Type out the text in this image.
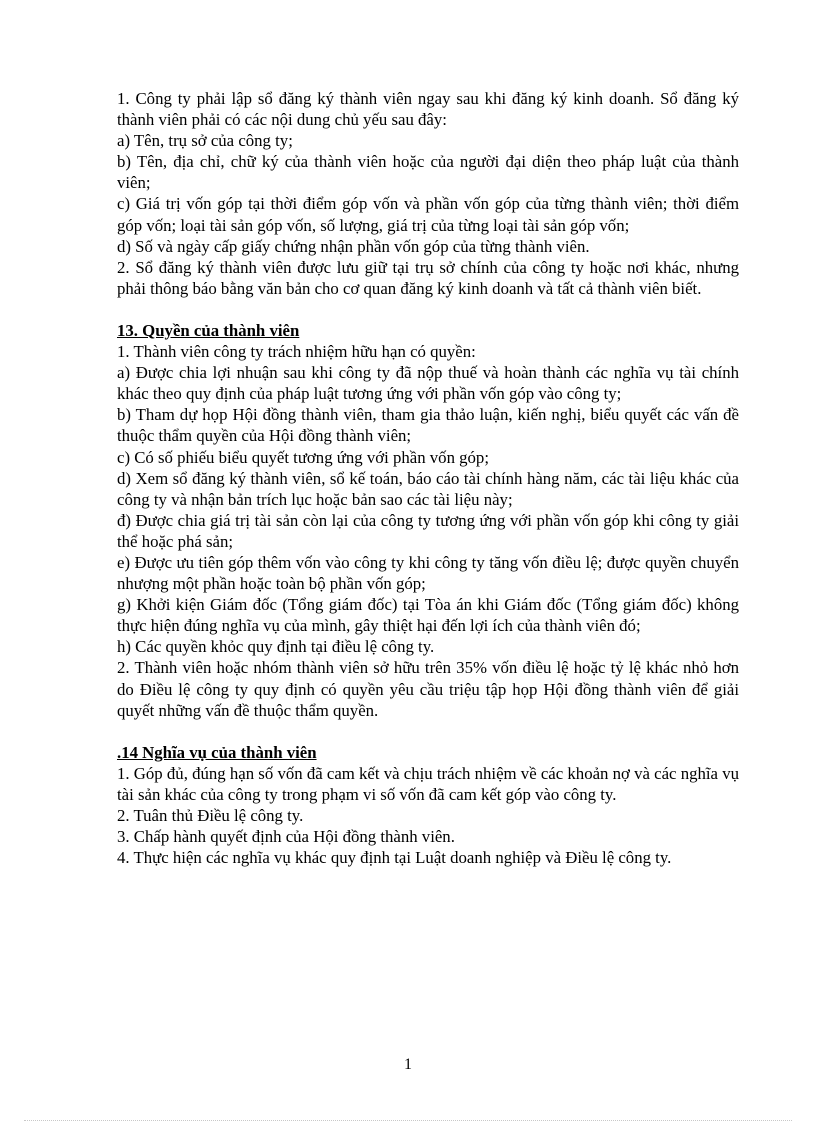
1. Công ty phải lập sổ đăng ký thành viên ngay sau khi đăng ký kinh doanh. Sổ đăng ký thành viên phải có các nội dung chủ yếu sau đây:

a) Tên, trụ sở của công ty;

b) Tên, địa chỉ, chữ ký của thành viên hoặc của người đại diện theo pháp luật của thành viên;

c) Giá trị vốn góp tại thời điểm góp vốn và phần vốn góp của từng thành viên; thời điểm góp vốn; loại tài sản góp vốn, số lượng, giá trị của từng loại tài sản góp vốn;

d) Số và ngày cấp giấy chứng nhận phần vốn góp của từng thành viên.

2. Sổ đăng ký thành viên được lưu giữ tại trụ sở chính của công ty hoặc nơi khác, nhưng phải thông báo bằng văn bản cho cơ quan đăng ký kinh doanh và tất cả thành viên biết.

13. Quyền của thành viên

1. Thành viên công ty trách nhiệm hữu hạn có quyền:

a) Được chia lợi nhuận sau khi công ty đã nộp thuế và hoàn thành các nghĩa vụ tài chính khác theo quy định của pháp luật tương ứng với phần vốn góp vào công ty;

b) Tham dự họp Hội đồng thành viên, tham gia thảo luận, kiến nghị, biểu quyết các vấn đề thuộc thẩm quyền của Hội đồng thành viên;

c) Có số phiếu biểu quyết tương ứng với phần vốn góp;

d) Xem sổ đăng ký thành viên, sổ kế toán, báo cáo tài chính hàng năm, các tài liệu khác của công ty và nhận bản trích lục hoặc bản sao các tài liệu này;

đ) Được chia giá trị tài sản còn lại của công ty tương ứng với phần vốn góp khi công ty giải thể hoặc phá sản;

e) Được ưu tiên góp thêm vốn vào công ty khi công ty tăng vốn điều lệ; được quyền chuyển nhượng một phần hoặc toàn bộ phần vốn góp;

g) Khởi kiện Giám đốc (Tổng giám đốc) tại Tòa án khi Giám đốc (Tổng giám đốc) không thực hiện đúng nghĩa vụ của mình, gây thiệt hại đến lợi ích của thành viên đó;

h) Các quyền khỏc quy định tại điều lệ công ty.

2. Thành viên hoặc nhóm thành viên sở hữu trên 35% vốn điều lệ hoặc tỷ lệ khác nhỏ hơn do Điều lệ công ty quy định có quyền yêu cầu triệu tập họp Hội đồng thành viên để giải quyết những vấn đề thuộc thẩm quyền.

.14 Nghĩa vụ của thành viên

1. Góp đủ, đúng hạn số vốn đã cam kết và chịu trách nhiệm về các khoản nợ và các nghĩa vụ tài sản khác của công ty trong phạm vi số vốn đã cam kết góp vào công ty.

2. Tuân thủ Điều lệ công ty.

3. Chấp hành quyết định của Hội đồng thành viên.

4. Thực hiện các nghĩa vụ khác quy định tại Luật doanh nghiệp và Điều lệ công ty.

1
